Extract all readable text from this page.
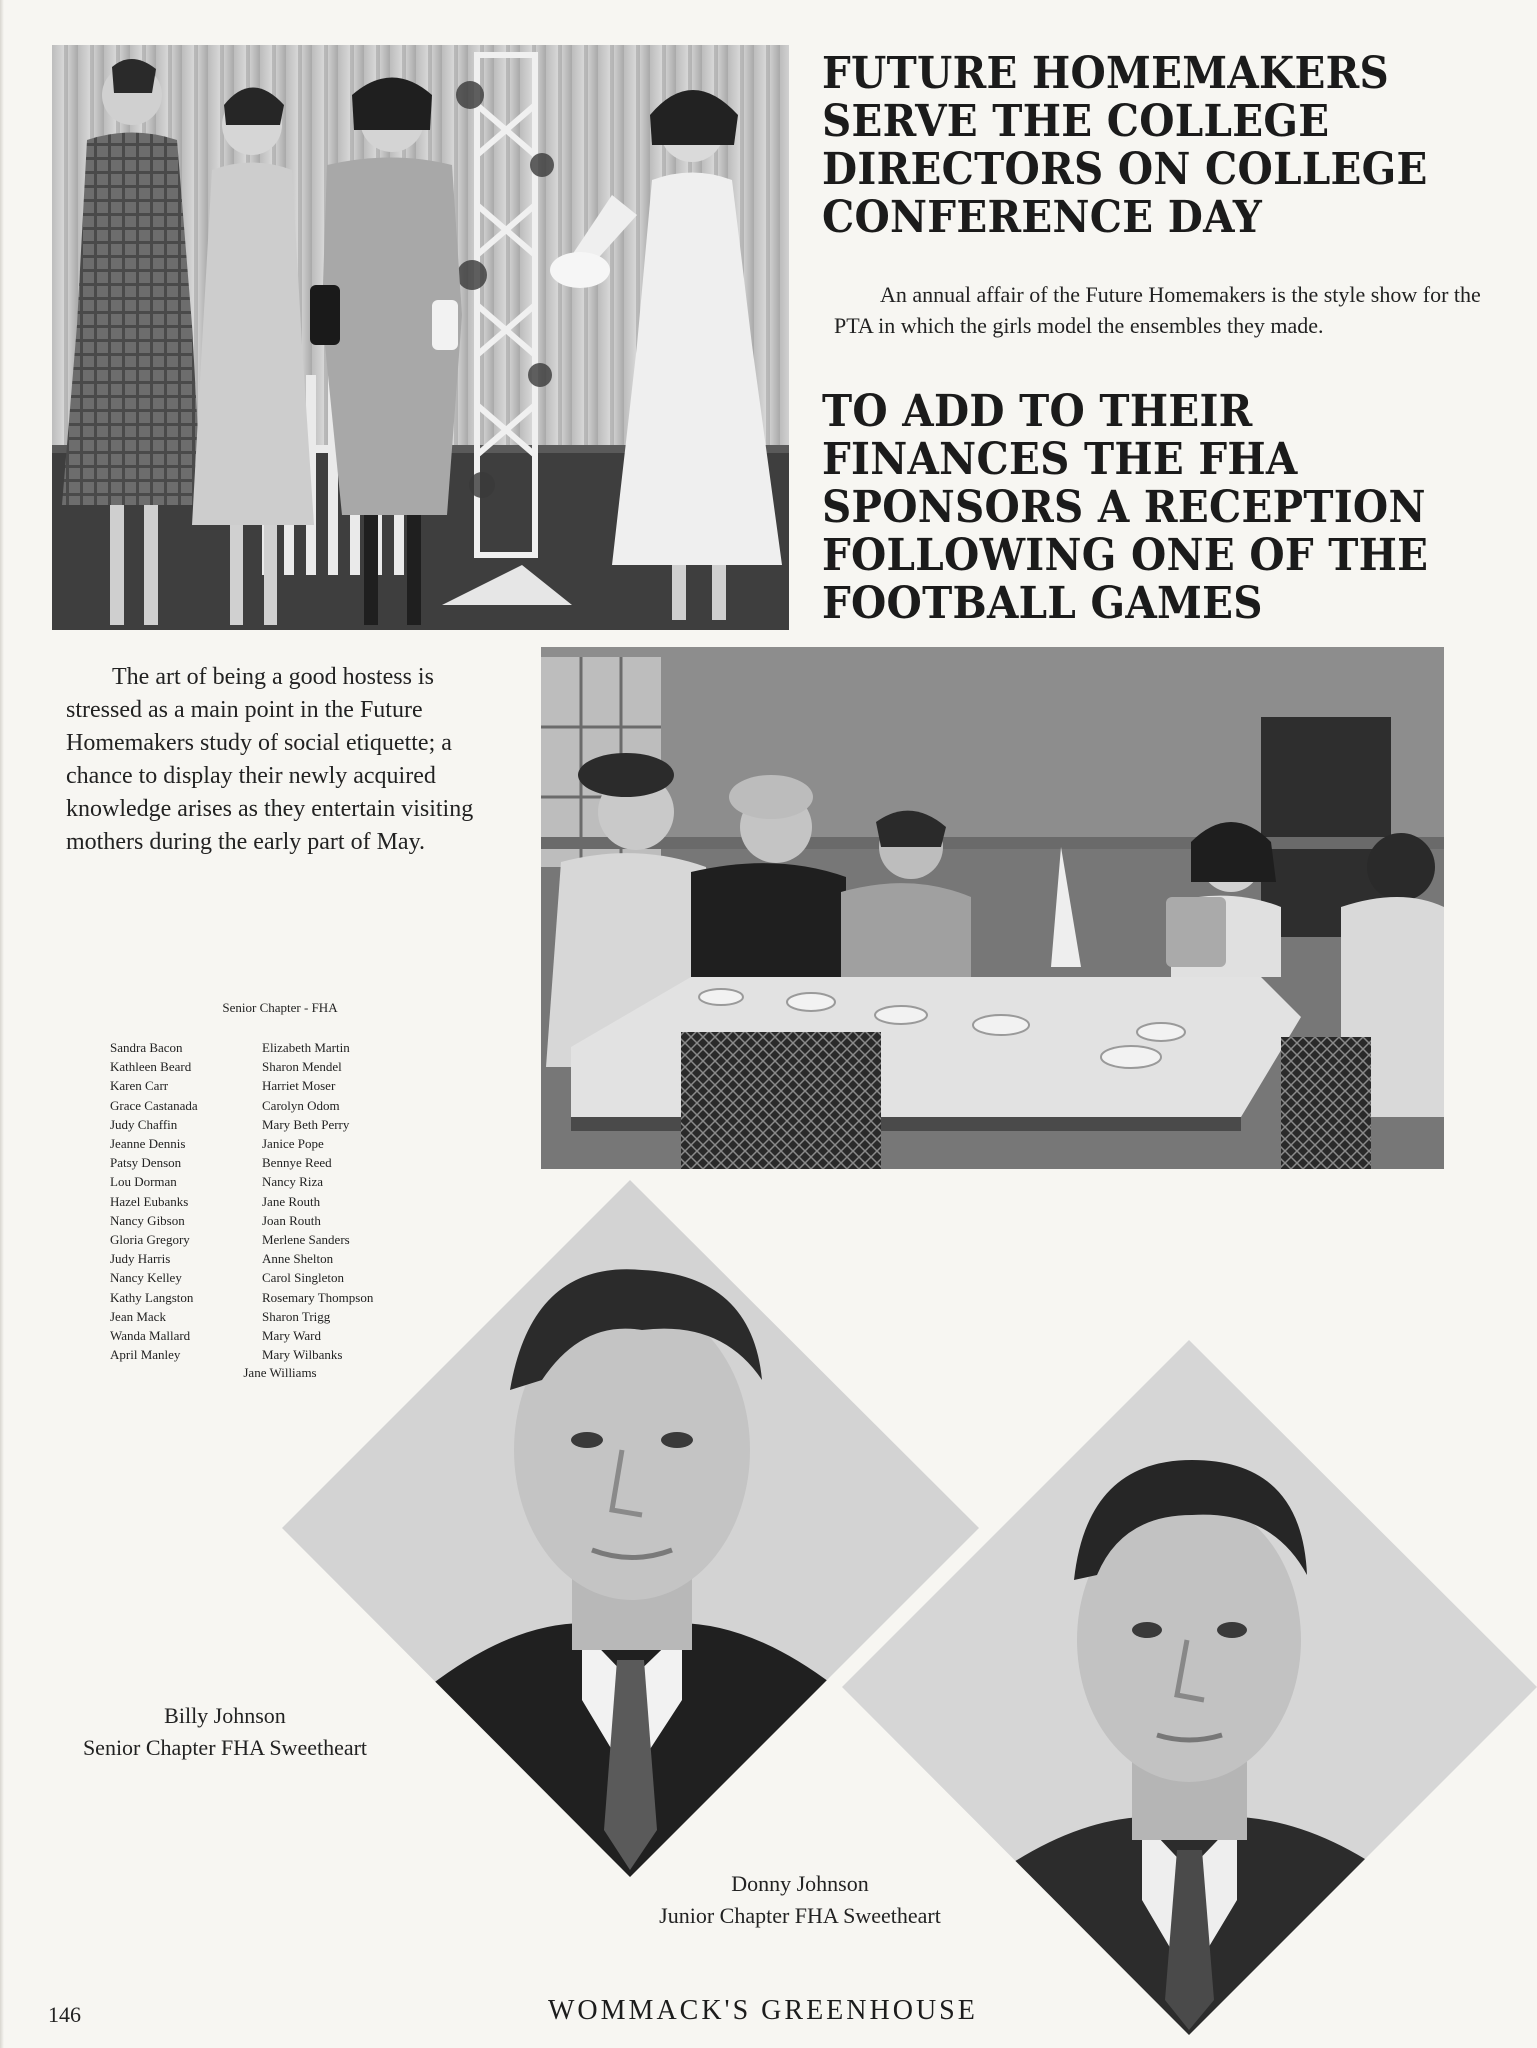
FUTURE HOMEMAKERS SERVE THE COLLEGE DIRECTORS ON COLLEGE CONFERENCE DAY

An annual affair of the Future Homemakers is the style show for the PTA in which the girls model the ensembles they made.

TO ADD TO THEIR FINANCES THE FHA SPONSORS A RECEPTION FOLLOWING ONE OF THE FOOTBALL GAMES

The art of being a good hostess is stressed as a main point in the Future Homemakers study of social etiquette; a chance to display their newly acquired knowledge arises as they entertain visiting mothers during the early part of May.

Senior Chapter - FHA
Sandra Bacon
Kathleen Beard
Karen Carr
Grace Castanada
Judy Chaffin
Jeanne Dennis
Patsy Denson
Lou Dorman
Hazel Eubanks
Nancy Gibson
Gloria Gregory
Judy Harris
Nancy Kelley
Kathy Langston
Jean Mack
Wanda Mallard
April Manley
Elizabeth Martin
Sharon Mendel
Harriet Moser
Carolyn Odom
Mary Beth Perry
Janice Pope
Bennye Reed
Nancy Riza
Jane Routh
Joan Routh
Merlene Sanders
Anne Shelton
Carol Singleton
Rosemary Thompson
Sharon Trigg
Mary Ward
Mary Wilbanks
Jane Williams
Billy Johnson
Senior Chapter FHA Sweetheart
Donny Johnson
Junior Chapter FHA Sweetheart
146	WOMMACK'S GREENHOUSE
